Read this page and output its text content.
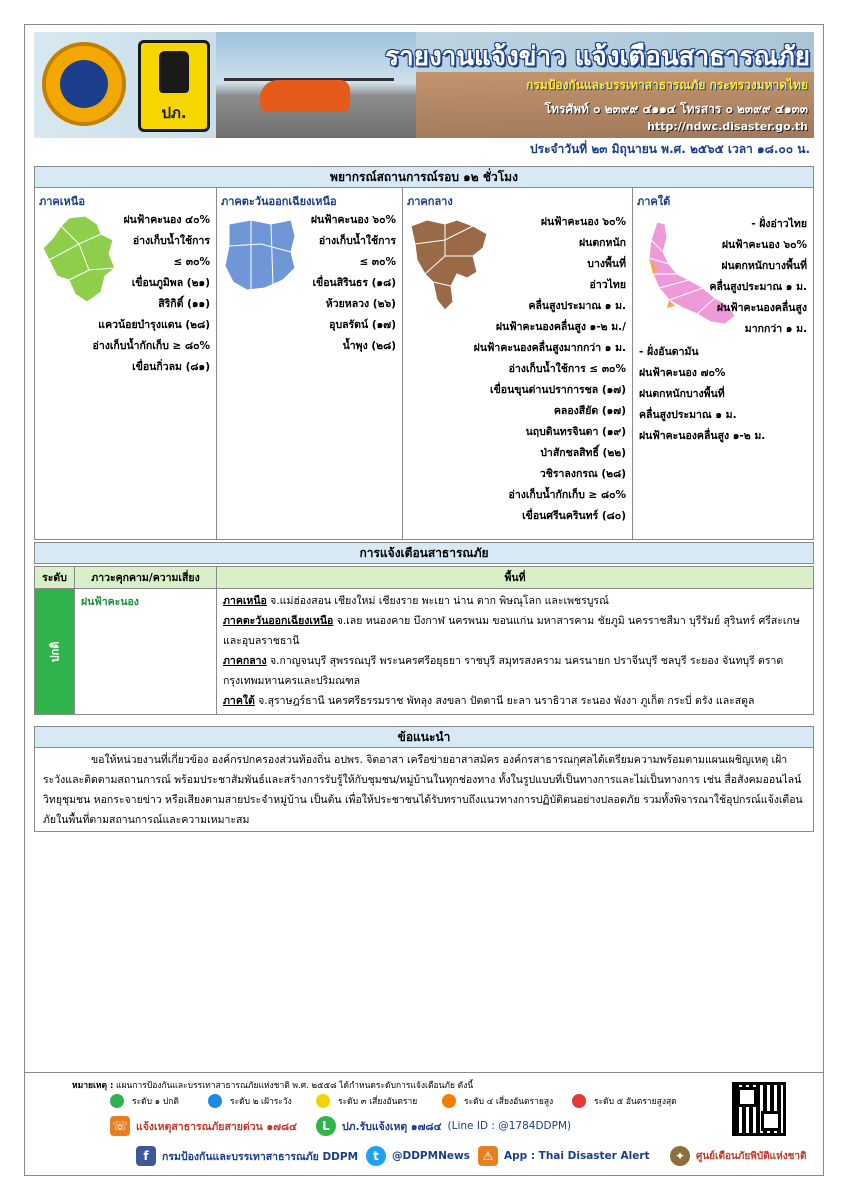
ปภ.
รายงานแจ้งข่าว แจ้งเตือนสาธารณภัย
กรมป้องกันและบรรเทาสาธารณภัย กระทรวงมหาดไทย
โทรศัพท์ ๐ ๒๓๙๙ ๔๑๑๔ โทรสาร ๐ ๒๓๙๙ ๔๑๓๓
http://ndwc.disaster.go.th
ประจำวันที่ ๒๓ มิถุนายน พ.ศ. ๒๕๖๕ เวลา ๑๘.๐๐ น.
พยากรณ์สถานการณ์รอบ ๑๒ ชั่วโมง
ภาคเหนือ
ฝนฟ้าคะนอง ๔๐%
อ่างเก็บน้ำใช้การ
≤ ๓๐%
เขื่อนภูมิพล (๒๑)
สิริกิติ์ (๑๑)
แควน้อยบำรุงแดน (๒๘)
อ่างเก็บน้ำกักเก็บ ≥ ๘๐%
เขื่อนกิ่วลม (๘๑)
ภาคตะวันออกเฉียงเหนือ
ฝนฟ้าคะนอง ๖๐%
อ่างเก็บน้ำใช้การ
≤ ๓๐%
เขื่อนสิรินธร (๑๘)
ห้วยหลวง (๒๖)
อุบลรัตน์ (๑๗)
น้ำพุง (๒๘)
ภาคกลาง
ฝนฟ้าคะนอง ๖๐%
ฝนตกหนัก
บางพื้นที่
อ่าวไทย
คลื่นสูงประมาณ ๑ ม.
ฝนฟ้าคะนองคลื่นสูง ๑-๒ ม./
ฝนฟ้าคะนองคลื่นสูงมากกว่า ๑ ม.
อ่างเก็บน้ำใช้การ ≤ ๓๐%
เขื่อนขุนด่านปราการชล (๑๗)
คลองสียัด (๑๗)
นฤบดินทรจินดา (๑๙)
ป่าสักชลสิทธิ์ (๒๒)
วชิราลงกรณ (๒๘)
อ่างเก็บน้ำกักเก็บ ≥ ๘๐%
เขื่อนศรีนครินทร์ (๘๐)
ภาคใต้
- ฝั่งอ่าวไทย
ฝนฟ้าคะนอง ๖๐%
ฝนตกหนักบางพื้นที่
คลื่นสูงประมาณ ๑ ม.
ฝนฟ้าคะนองคลื่นสูง
มากกว่า ๑ ม.
- ฝั่งอันดามัน
ฝนฟ้าคะนอง ๗๐%
ฝนตกหนักบางพื้นที่
คลื่นสูงประมาณ ๑ ม.
ฝนฟ้าคะนองคลื่นสูง ๑-๒ ม.
การแจ้งเตือนสาธารณภัย
ระดับ	ภาวะคุกคาม/ความเสี่ยง	พื้นที่
ปกติ	ฝนฟ้าคะนอง	ภาคเหนือ จ.แม่ฮ่องสอน เชียงใหม่ เชียงราย พะเยา น่าน ตาก พิษณุโลก และเพชรบูรณ์
ภาคตะวันออกเฉียงเหนือ จ.เลย หนองคาย บึงกาฬ นครพนม ขอนแก่น มหาสารคาม ชัยภูมิ นครราชสีมา บุรีรัมย์ สุรินทร์ ศรีสะเกษ และอุบลราชธานี
ภาคกลาง จ.กาญจนบุรี สุพรรณบุรี พระนครศรีอยุธยา ราชบุรี สมุทรสงคราม นครนายก ปราจีนบุรี ชลบุรี ระยอง จันทบุรี ตราด กรุงเทพมหานครและปริมณฑล
ภาคใต้ จ.สุราษฎร์ธานี นครศรีธรรมราช พัทลุง สงขลา ปัตตานี ยะลา นราธิวาส ระนอง พังงา ภูเก็ต กระบี่ ตรัง และสตูล
ข้อแนะนำ
ขอให้หน่วยงานที่เกี่ยวข้อง องค์กรปกครองส่วนท้องถิ่น อปพร. จิตอาสา เครือข่ายอาสาสมัคร องค์กรสาธารณกุศลได้เตรียมความพร้อมตามแผนเผชิญเหตุ เฝ้าระวังและติดตามสถานการณ์ พร้อมประชาสัมพันธ์และสร้างการรับรู้ให้กับชุมชน/หมู่บ้านในทุกช่องทาง ทั้งในรูปแบบที่เป็นทางการและไม่เป็นทางการ เช่น สื่อสังคมออนไลน์ วิทยุชุมชน หอกระจายข่าว หรือเสียงตามสายประจำหมู่บ้าน เป็นต้น เพื่อให้ประชาชนได้รับทราบถึงแนวทางการปฏิบัติตนอย่างปลอดภัย รวมทั้งพิจารณาใช้อุปกรณ์แจ้งเตือนภัยในพื้นที่ตามสถานการณ์และความเหมาะสม
หมายเหตุ : แผนการป้องกันและบรรเทาสาธารณภัยแห่งชาติ พ.ศ. ๒๕๕๘ ได้กำหนดระดับการแจ้งเตือนภัย ดังนี้
ระดับ ๑ ปกติ	ระดับ ๒ เฝ้าระวัง	ระดับ ๓ เสี่ยงอันตราย	ระดับ ๔ เสี่ยงอันตรายสูง	ระดับ ๕ อันตรายสูงสุด
☏ แจ้งเหตุสาธารณภัยสายด่วน ๑๗๘๔	L	ปภ.รับแจ้งเหตุ ๑๗๘๔ (Line ID : @1784DDPM)
f	กรมป้องกันและบรรเทาสาธารณภัย DDPM	t	@DDPMNews	⚠	App : Thai Disaster Alert	✦	ศูนย์เตือนภัยพิบัติแห่งชาติ
